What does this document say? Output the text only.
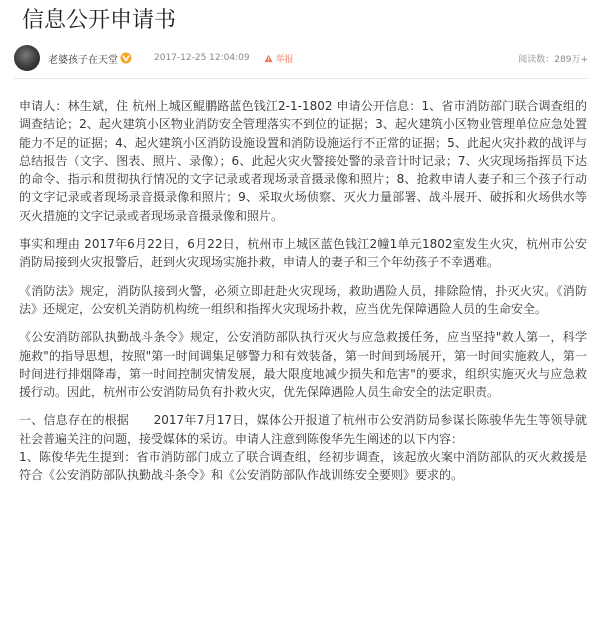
信息公开申请书
老婆孩子在天堂	2017-12-25 12:04:09	举报	阅读数：289万+

申请人：林生斌，住 杭州上城区鲲鹏路蓝色钱江2-1-1802 申请公开信息：1、省市消防部门联合调查组的调查结论；2、起火建筑小区物业消防安全管理落实不到位的证据；3、起火建筑小区物业管理单位应急处置能力不足的证据；4、起火建筑小区消防设施设置和消防设施运行不正常的证据；5、此起火灾扑救的战评与总结报告（文字、图表、照片、录像）；6、此起火灾火警接处警的录音计时记录；7、火灾现场指挥员下达的命令、指示和贯彻执行情况的文字记录或者现场录音摄录像和照片；8、抢救申请人妻子和三个孩子行动的文字记录或者现场录音摄录像和照片；9、采取火场侦察、灭火力量部署、战斗展开、破拆和火场供水等灭火措施的文字记录或者现场录音摄录像和照片。

事实和理由 2017年6月22日，6月22日，杭州市上城区蓝色钱江2幢1单元1802室发生火灾，杭州市公安消防局接到火灾报警后，赶到火灾现场实施扑救，申请人的妻子和三个年幼孩子不幸遇难。

《消防法》规定，消防队接到火警，必须立即赶赴火灾现场，救助遇险人员，排除险情，扑灭火灾。《消防法》还规定，公安机关消防机构统一组织和指挥火灾现场扑救，应当优先保障遇险人员的生命安全。

《公安消防部队执勤战斗条令》规定，公安消防部队执行灭火与应急救援任务，应当坚持"救人第一，科学施救"的指导思想，按照"第一时间调集足够警力和有效装备，第一时间到场展开，第一时间实施救人，第一时间进行排烟降毒，第一时间控制灾情发展，最大限度地减少损失和危害"的要求，组织实施灭火与应急救援行动。因此，杭州市公安消防局负有扑救火灾，优先保障遇险人员生命安全的法定职责。

一、信息存在的根据　　2017年7月17日，媒体公开报道了杭州市公安消防局参谋长陈骏华先生等领导就社会普遍关注的问题，接受媒体的采访。申请人注意到陈俊华先生阐述的以下内容：
1、陈俊华先生提到：省市消防部门成立了联合调查组，经初步调查，该起放火案中消防部队的灭火救援是符合《公安消防部队执勤战斗条令》和《公安消防部队作战训练安全要则》要求的。
